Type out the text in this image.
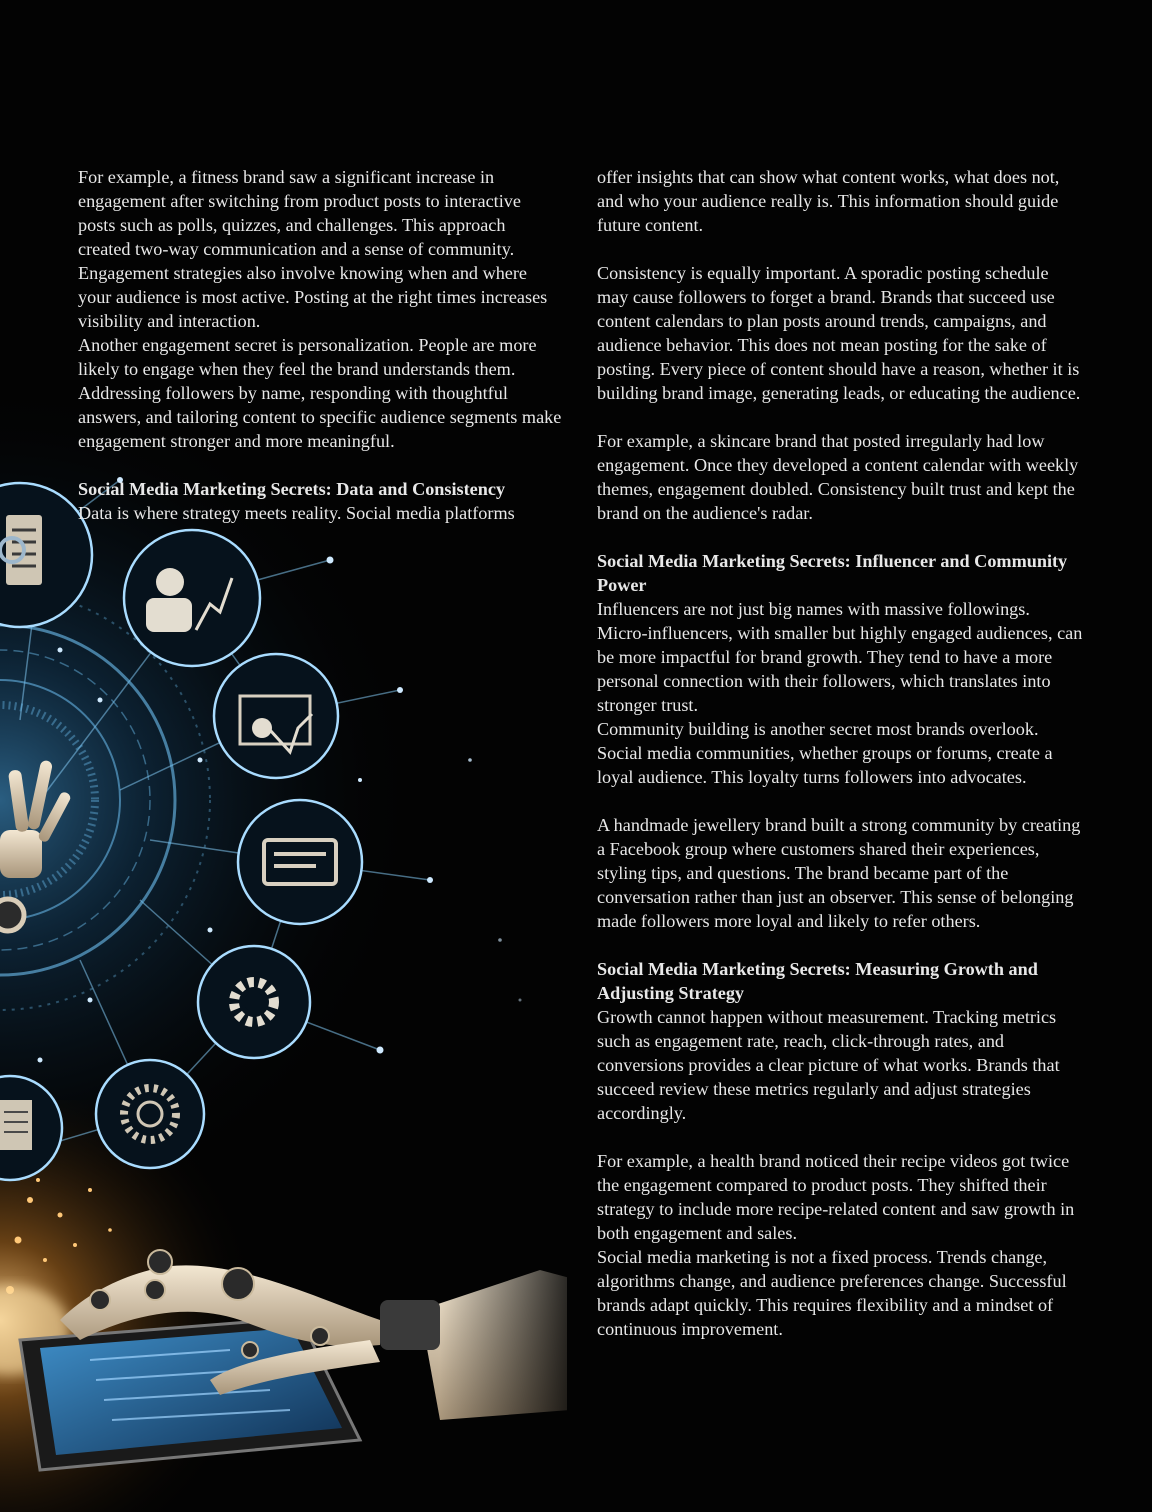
For example, a fitness brand saw a significant increase in engagement after switching from product posts to interactive posts such as polls, quizzes, and challenges. This approach created two-way communication and a sense of community. Engagement strategies also involve knowing when and where your audience is most active. Posting at the right times increases visibility and interaction.

Another engagement secret is personalization. People are more likely to engage when they feel the brand understands them. Addressing followers by name, responding with thoughtful answers, and tailoring content to specific audience segments make engagement stronger and more meaningful.

Social Media Marketing Secrets: Data and Consistency

Data is where strategy meets reality. Social media platforms

offer insights that can show what content works, what does not, and who your audience really is. This information should guide future content.

Consistency is equally important. A sporadic posting schedule may cause followers to forget a brand. Brands that succeed use content calendars to plan posts around trends, campaigns, and audience behavior. This does not mean posting for the sake of posting. Every piece of content should have a reason, whether it is building brand image, generating leads, or educating the audience.

For example, a skincare brand that posted irregularly had low engagement. Once they developed a content calendar with weekly themes, engagement doubled. Consistency built trust and kept the brand on the audience's radar.

Social Media Marketing Secrets: Influencer and Community Power

Influencers are not just big names with massive followings. Micro-influencers, with smaller but highly engaged audiences, can be more impactful for brand growth. They tend to have a more personal connection with their followers, which translates into stronger trust.

Community building is another secret most brands overlook. Social media communities, whether groups or forums, create a loyal audience. This loyalty turns followers into advocates.

A handmade jewellery brand built a strong community by creating a Facebook group where customers shared their experiences, styling tips, and questions. The brand became part of the conversation rather than just an observer. This sense of belonging made followers more loyal and likely to refer others.

Social Media Marketing Secrets: Measuring Growth and Adjusting Strategy

Growth cannot happen without measurement. Tracking metrics such as engagement rate, reach, click-through rates, and conversions provides a clear picture of what works. Brands that succeed review these metrics regularly and adjust strategies accordingly.

For example, a health brand noticed their recipe videos got twice the engagement compared to product posts. They shifted their strategy to include more recipe-related content and saw growth in both engagement and sales.

Social media marketing is not a fixed process. Trends change, algorithms change, and audience preferences change. Successful brands adapt quickly. This requires flexibility and a mindset of continuous improvement.
